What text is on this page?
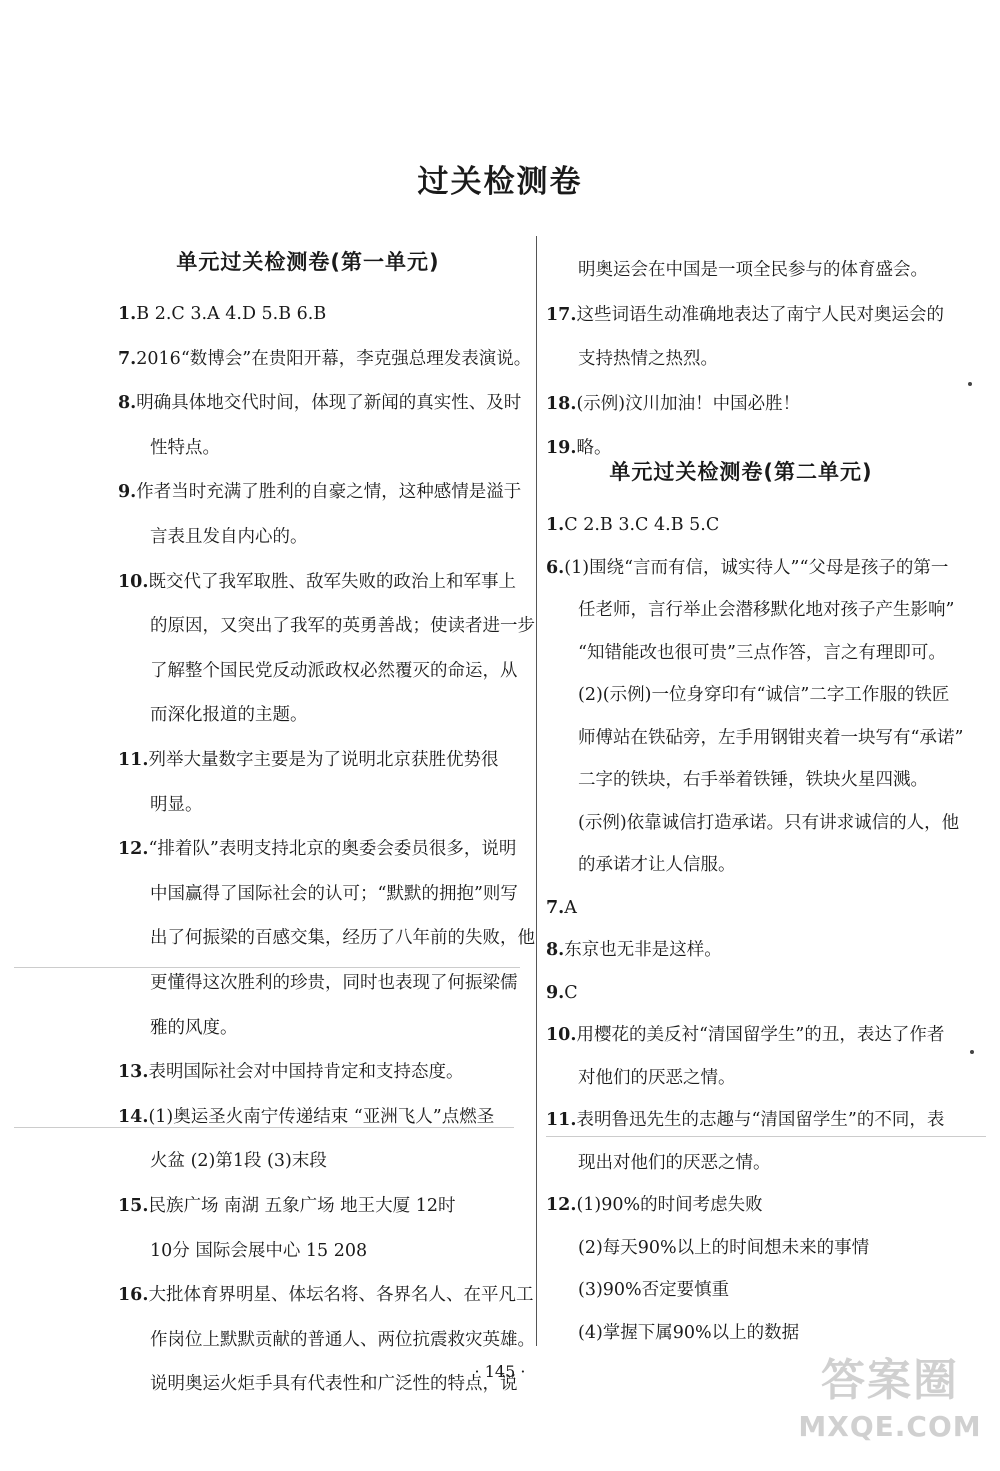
过关检测卷
单元过关检测卷(第一单元)
1.B 2.C 3.A 4.D 5.B 6.B
7.2016“数博会”在贵阳开幕，李克强总理发表演说。
8.明确具体地交代时间，体现了新闻的真实性、及时
性特点。
9.作者当时充满了胜利的自豪之情，这种感情是溢于
言表且发自内心的。
10.既交代了我军取胜、敌军失败的政治上和军事上
的原因，又突出了我军的英勇善战；使读者进一步
了解整个国民党反动派政权必然覆灭的命运，从
而深化报道的主题。
11.列举大量数字主要是为了说明北京获胜优势很
明显。
12.“排着队”表明支持北京的奥委会委员很多，说明
中国赢得了国际社会的认可；“默默的拥抱”则写
出了何振梁的百感交集，经历了八年前的失败，他
更懂得这次胜利的珍贵，同时也表现了何振梁儒
雅的风度。
13.表明国际社会对中国持肯定和支持态度。
14.(1)奥运圣火南宁传递结束 “亚洲飞人”点燃圣
火盆 (2)第1段 (3)末段
15.民族广场 南湖 五象广场 地王大厦 12时
10分 国际会展中心 15 208
16.大批体育界明星、体坛名将、各界名人、在平凡工
作岗位上默默贡献的普通人、两位抗震救灾英雄。
说明奥运火炬手具有代表性和广泛性的特点，说
单元过关检测卷(第二单元)
明奥运会在中国是一项全民参与的体育盛会。
17.这些词语生动准确地表达了南宁人民对奥运会的
支持热情之热烈。
18.(示例)汶川加油！中国必胜！
19.略。
1.C 2.B 3.C 4.B 5.C
6.(1)围绕“言而有信，诚实待人”“父母是孩子的第一
任老师，言行举止会潜移默化地对孩子产生影响”
“知错能改也很可贵”三点作答，言之有理即可。
(2)(示例)一位身穿印有“诚信”二字工作服的铁匠
师傅站在铁砧旁，左手用钢钳夹着一块写有“承诺”
二字的铁块，右手举着铁锤，铁块火星四溅。
(示例)依靠诚信打造承诺。只有讲求诚信的人，他
的承诺才让人信服。
7.A
8.东京也无非是这样。
9.C
10.用樱花的美反衬“清国留学生”的丑，表达了作者
对他们的厌恶之情。
11.表明鲁迅先生的志趣与“清国留学生”的不同，表
现出对他们的厌恶之情。
12.(1)90%的时间考虑失败
(2)每天90%以上的时间想未来的事情
(3)90%否定要慎重
(4)掌握下属90%以上的数据
· 145 ·	答案圈
MXQE.COM
